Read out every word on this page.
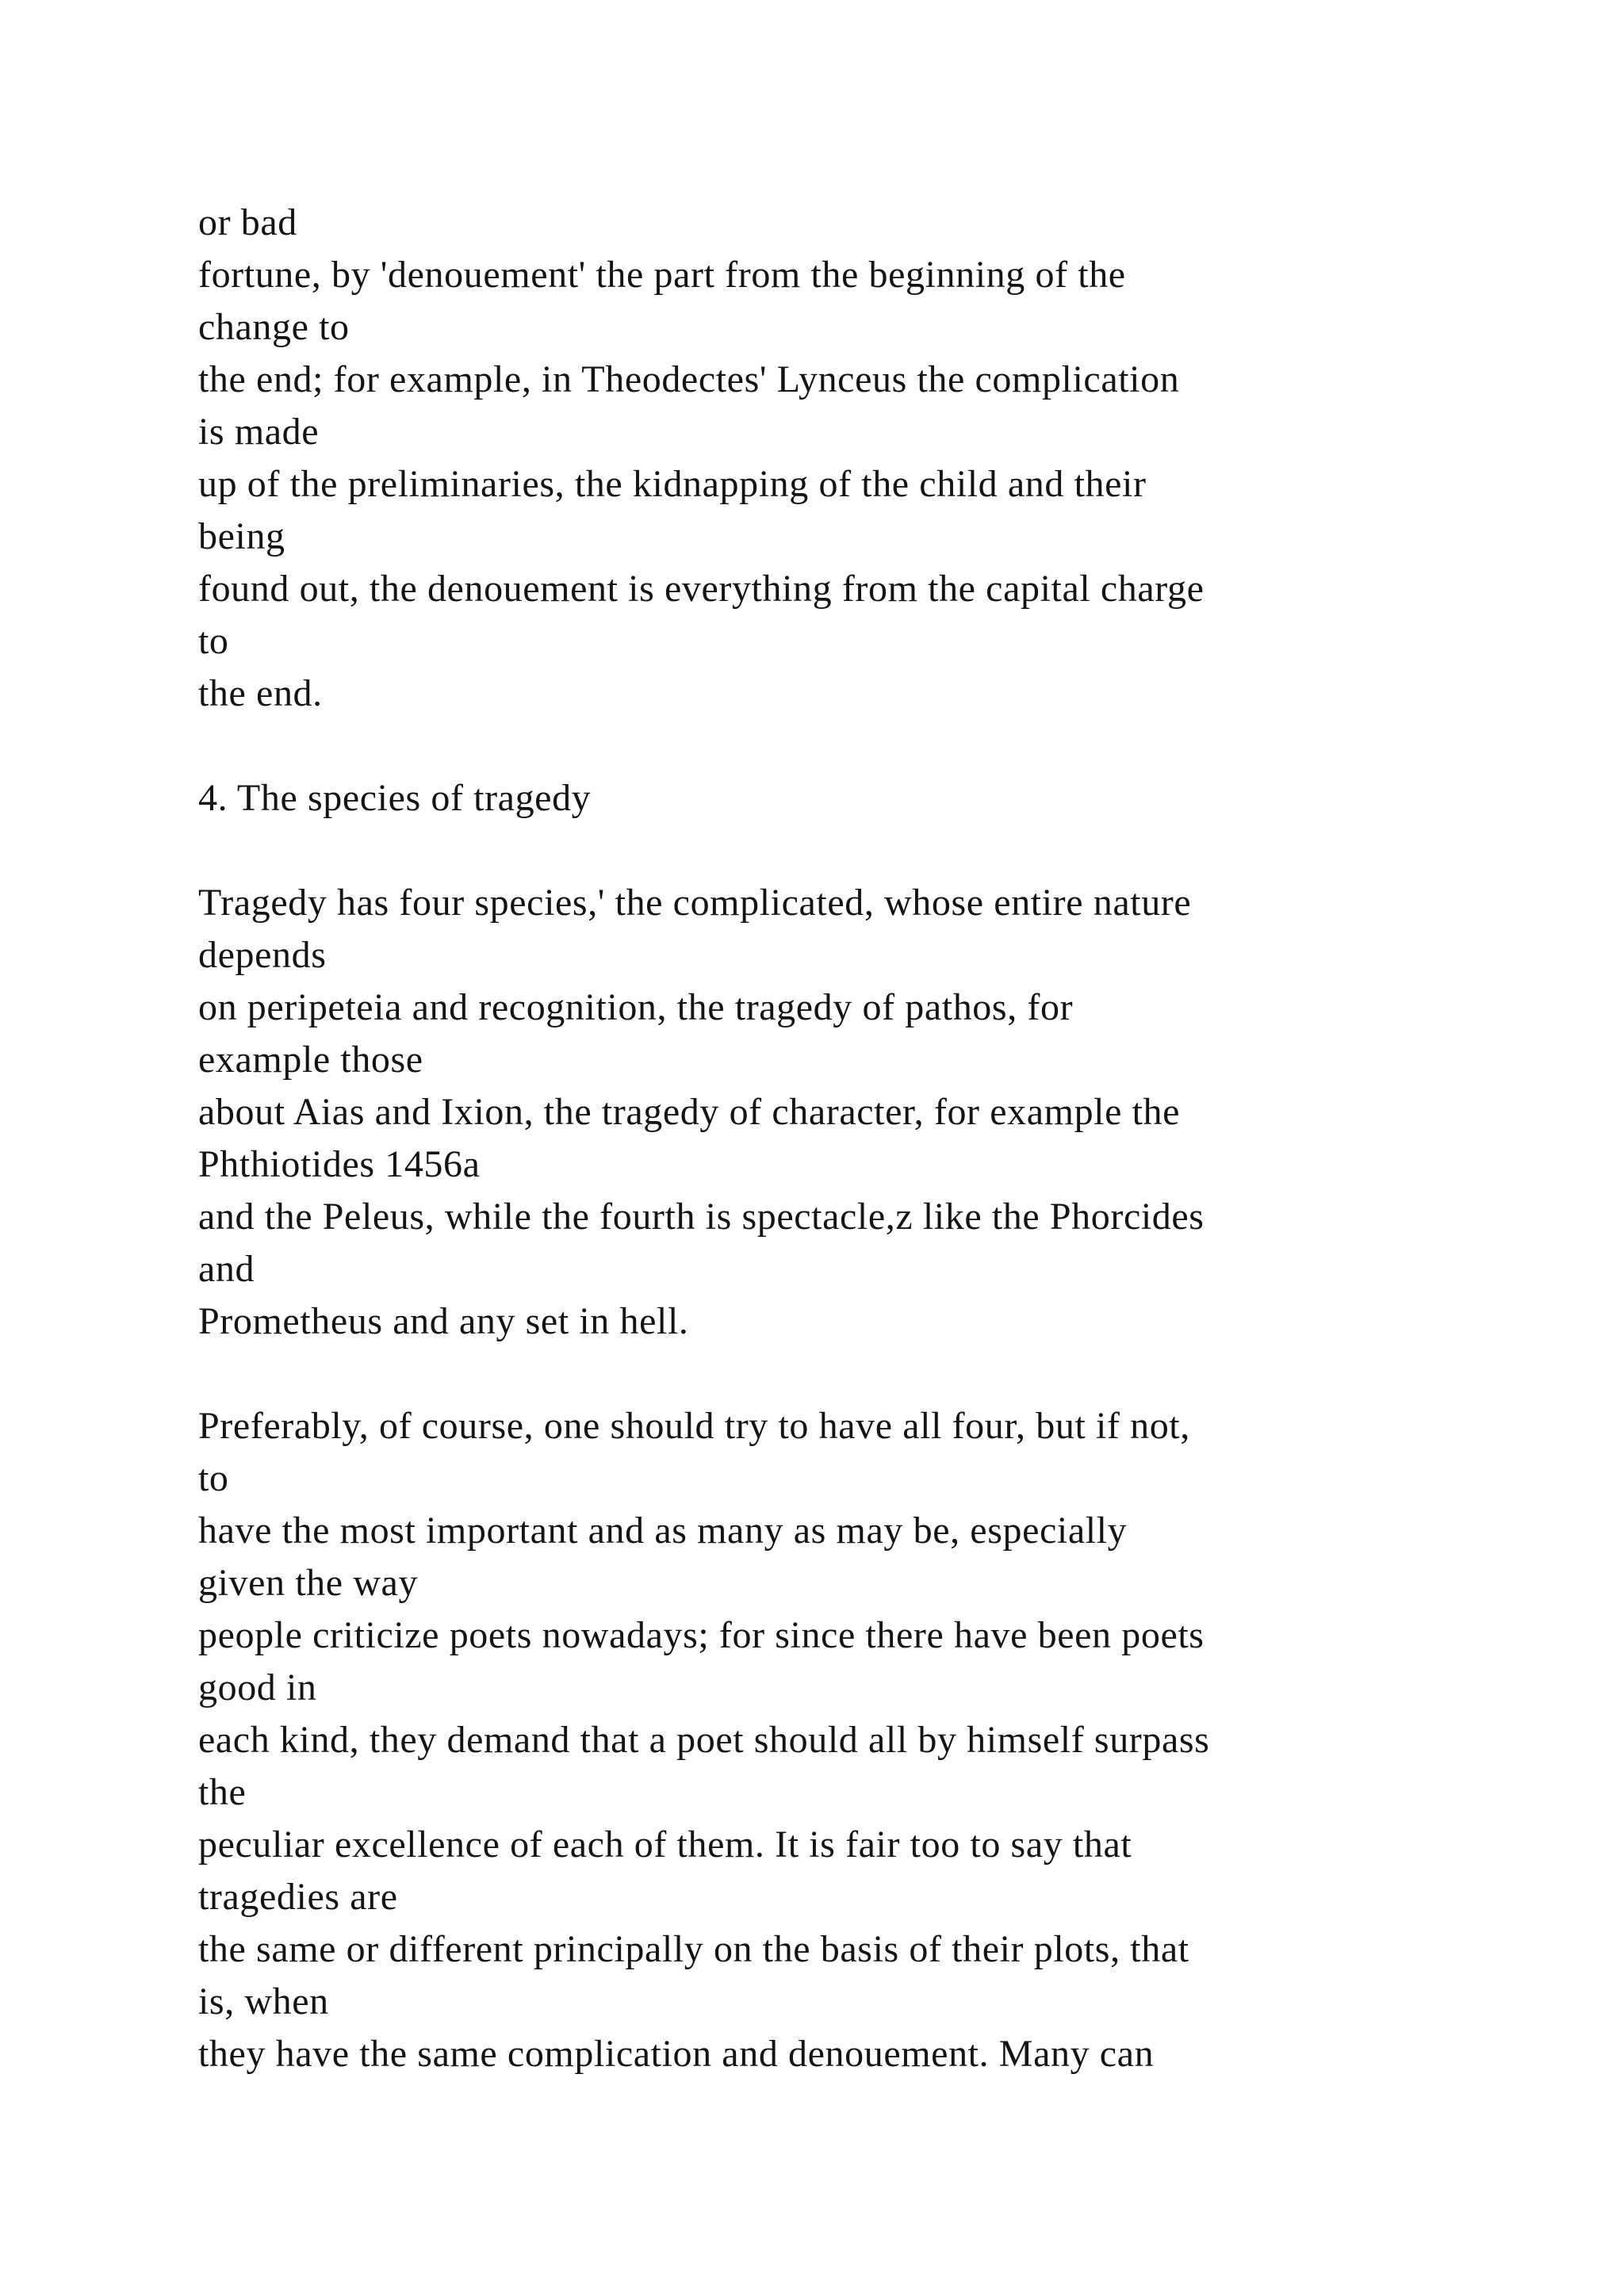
or bad
fortune, by 'denouement' the part from the beginning of the
change to
the end; for example, in Theodectes' Lynceus the complication
is made
up of the preliminaries, the kidnapping of the child and their
being
found out, the denouement is everything from the capital charge
to
the end.
4. The species of tragedy
Tragedy has four species,' the complicated, whose entire nature
depends
on peripeteia and recognition, the tragedy of pathos, for
example those
about Aias and Ixion, the tragedy of character, for example the
Phthiotides 1456a
and the Peleus, while the fourth is spectacle,z like the Phorcides
and
Prometheus and any set in hell.
Preferably, of course, one should try to have all four, but if not,
to
have the most important and as many as may be, especially
given the way
people criticize poets nowadays; for since there have been poets
good in
each kind, they demand that a poet should all by himself surpass
the
peculiar excellence of each of them. It is fair too to say that
tragedies are
the same or different principally on the basis of their plots, that
is, when
they have the same complication and denouement. Many can
